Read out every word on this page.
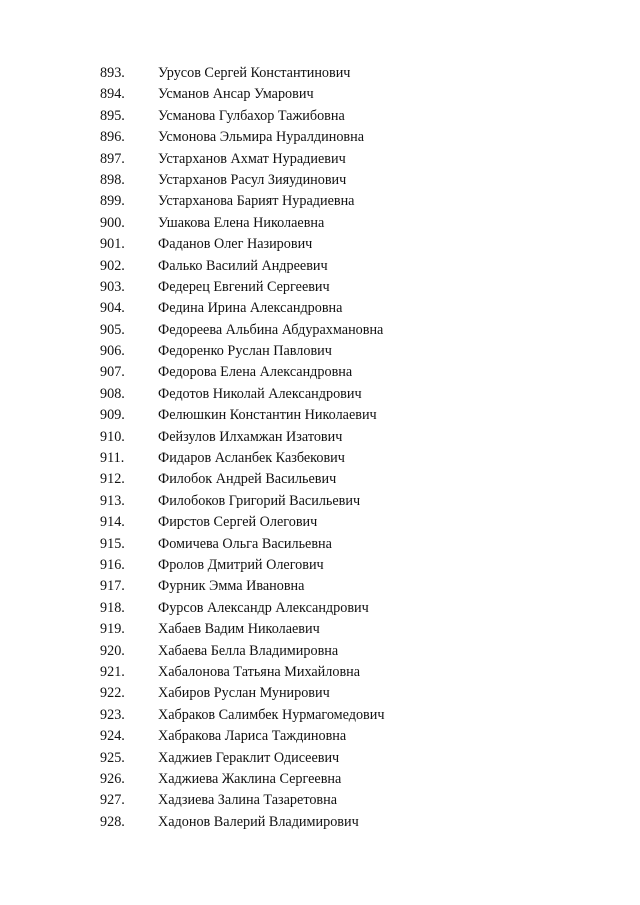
893.	Урусов Сергей Константинович
894.	Усманов Ансар Умарович
895.	Усманова Гулбахор Тажибовна
896.	Усмонова Эльмира Нуралдиновна
897.	Устарханов Ахмат Нурадиевич
898.	Устарханов Расул Зияудинович
899.	Устарханова Барият Нурадиевна
900.	Ушакова Елена Николаевна
901.	Фаданов Олег Назирович
902.	Фалько Василий Андреевич
903.	Федерец Евгений Сергеевич
904.	Федина Ирина Александровна
905.	Федореева Альбина Абдурахмановна
906.	Федоренко Руслан Павлович
907.	Федорова Елена Александровна
908.	Федотов Николай Александрович
909.	Фелюшкин Константин Николаевич
910.	Фейзулов Илхамжан Изатович
911.	Фидаров Асланбек Казбекович
912.	Филобок Андрей Васильевич
913.	Филобоков Григорий Васильевич
914.	Фирстов Сергей Олегович
915.	Фомичева Ольга Васильевна
916.	Фролов Дмитрий Олегович
917.	Фурник Эмма Ивановна
918.	Фурсов Александр Александрович
919.	Хабаев Вадим Николаевич
920.	Хабаева Белла Владимировна
921.	Хабалонова Татьяна Михайловна
922.	Хабиров Руслан Мунирович
923.	Хабраков Салимбек Нурмагомедович
924.	Хабракова Лариса Таждиновна
925.	Хаджиев Гераклит Одисеевич
926.	Хаджиева Жаклина Сергеевна
927.	Хадзиева Залина Тазаретовна
928.	Хадонов Валерий Владимирович
